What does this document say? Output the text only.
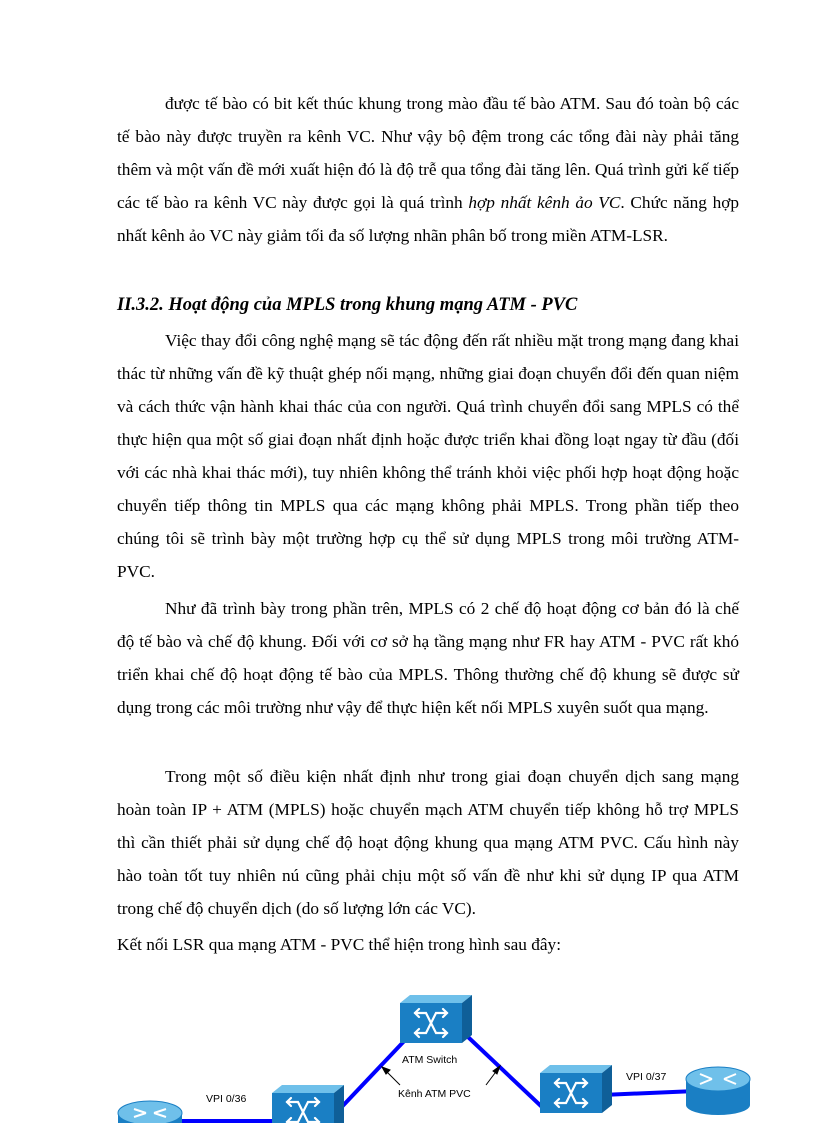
được tế bào có bit kết thúc khung trong mào đầu tế bào ATM. Sau đó toàn bộ các tế bào này được truyền ra kênh VC. Như vậy bộ đệm trong các tổng đài này phải tăng thêm và một vấn đề mới xuất hiện đó là độ trễ qua tổng đài tăng lên. Quá trình gửi kế tiếp các tế bào ra kênh VC này được gọi là quá trình hợp nhất kênh ảo VC. Chức năng hợp nhất kênh ảo VC này giảm tối đa số lượng nhãn phân bố trong miền ATM-LSR.

II.3.2. Hoạt động của MPLS trong khung mạng ATM - PVC

Việc thay đổi công nghệ mạng sẽ tác động đến rất nhiều mặt trong mạng đang khai thác từ những vấn đề kỹ thuật ghép nối mạng, những giai đoạn chuyển đổi đến quan niệm và cách thức vận hành khai thác của con người. Quá trình chuyển đổi sang MPLS có thể thực hiện qua một số giai đoạn nhất định hoặc được triển khai đồng loạt ngay từ đầu (đối với các nhà khai thác mới), tuy nhiên không thể tránh khỏi việc phối hợp hoạt động hoặc chuyển tiếp thông tin MPLS qua các mạng không phải MPLS. Trong phần tiếp theo chúng tôi sẽ trình bày một trường hợp cụ thể sử dụng MPLS trong môi trường ATM-PVC.

Như đã trình bày trong phần trên, MPLS có 2 chế độ hoạt động cơ bản đó là chế độ tế bào và chế độ khung. Đối với cơ sở hạ tầng mạng như FR hay ATM - PVC rất khó triển khai chế độ hoạt động tế bào của MPLS. Thông thường chế độ khung sẽ được sử dụng trong các môi trường như vậy để thực hiện kết nối MPLS xuyên suốt qua mạng.

Trong một số điều kiện nhất định như trong giai đoạn chuyển dịch sang mạng hoàn toàn IP + ATM (MPLS) hoặc chuyển mạch ATM chuyển tiếp không hỗ trợ MPLS thì cần thiết phải sử dụng chế độ hoạt động khung qua mạng ATM PVC. Cấu hình này hào toàn tốt tuy nhiên nú cũng phải chịu một số vấn đề như khi sử dụng IP qua ATM trong chế độ chuyển dịch (do số lượng lớn các VC).

Kết nối LSR qua mạng ATM - PVC thể hiện trong hình sau đây:

ATM Switch
VPI 0/36
VPI 0/37
Kênh ATM PVC
